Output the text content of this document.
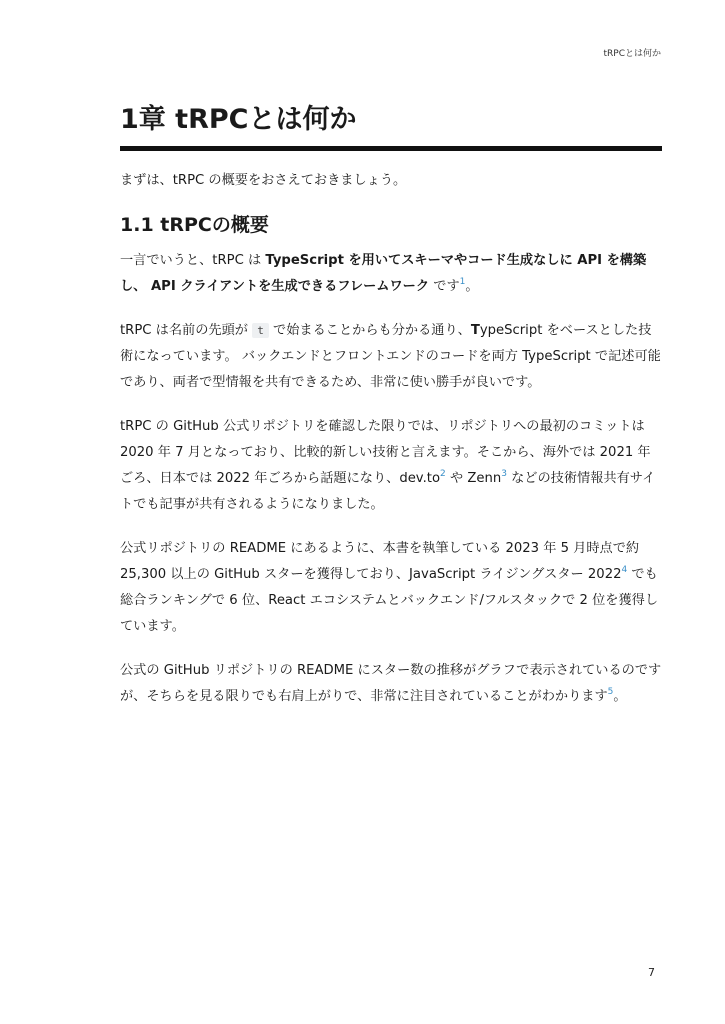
tRPCとは何か
1章 tRPCとは何か

まずは、tRPC の概要をおさえておきましょう。

1.1 tRPCの概要

一言でいうと、tRPC は TypeScript を用いてスキーマやコード生成なしに API を構築し、 API クライアントを生成できるフレームワーク です$^1$。

tRPC は名前の先頭が t で始まることからも分かる通り、TypeScript をベースとした技術になっています。 バックエンドとフロントエンドのコードを両方 TypeScript で記述可能であり、両者で型情報を共有できるため、非常に使い勝手が良いです。

tRPC の GitHub 公式リポジトリを確認した限りでは、リポジトリへの最初のコミットは 2020 年 7 月となっており、比較的新しい技術と言えます。そこから、海外では 2021 年ごろ、日本では 2022 年ごろから話題になり、dev.to$^2$ や Zenn$^3$ などの技術情報共有サイトでも記事が共有されるようになりました。

公式リポジトリの README にあるように、本書を執筆している 2023 年 5 月時点で約 25,300 以上の GitHub スターを獲得しており、JavaScript ライジングスター 2022$^4$ でも総合ランキングで 6 位、React エコシステムとバックエンド/フルスタックで 2 位を獲得しています。

公式の GitHub リポジトリの README にスター数の推移がグラフで表示されているのですが、そちらを見る限りでも右肩上がりで、非常に注目されていることがわかります$^5$。

7
